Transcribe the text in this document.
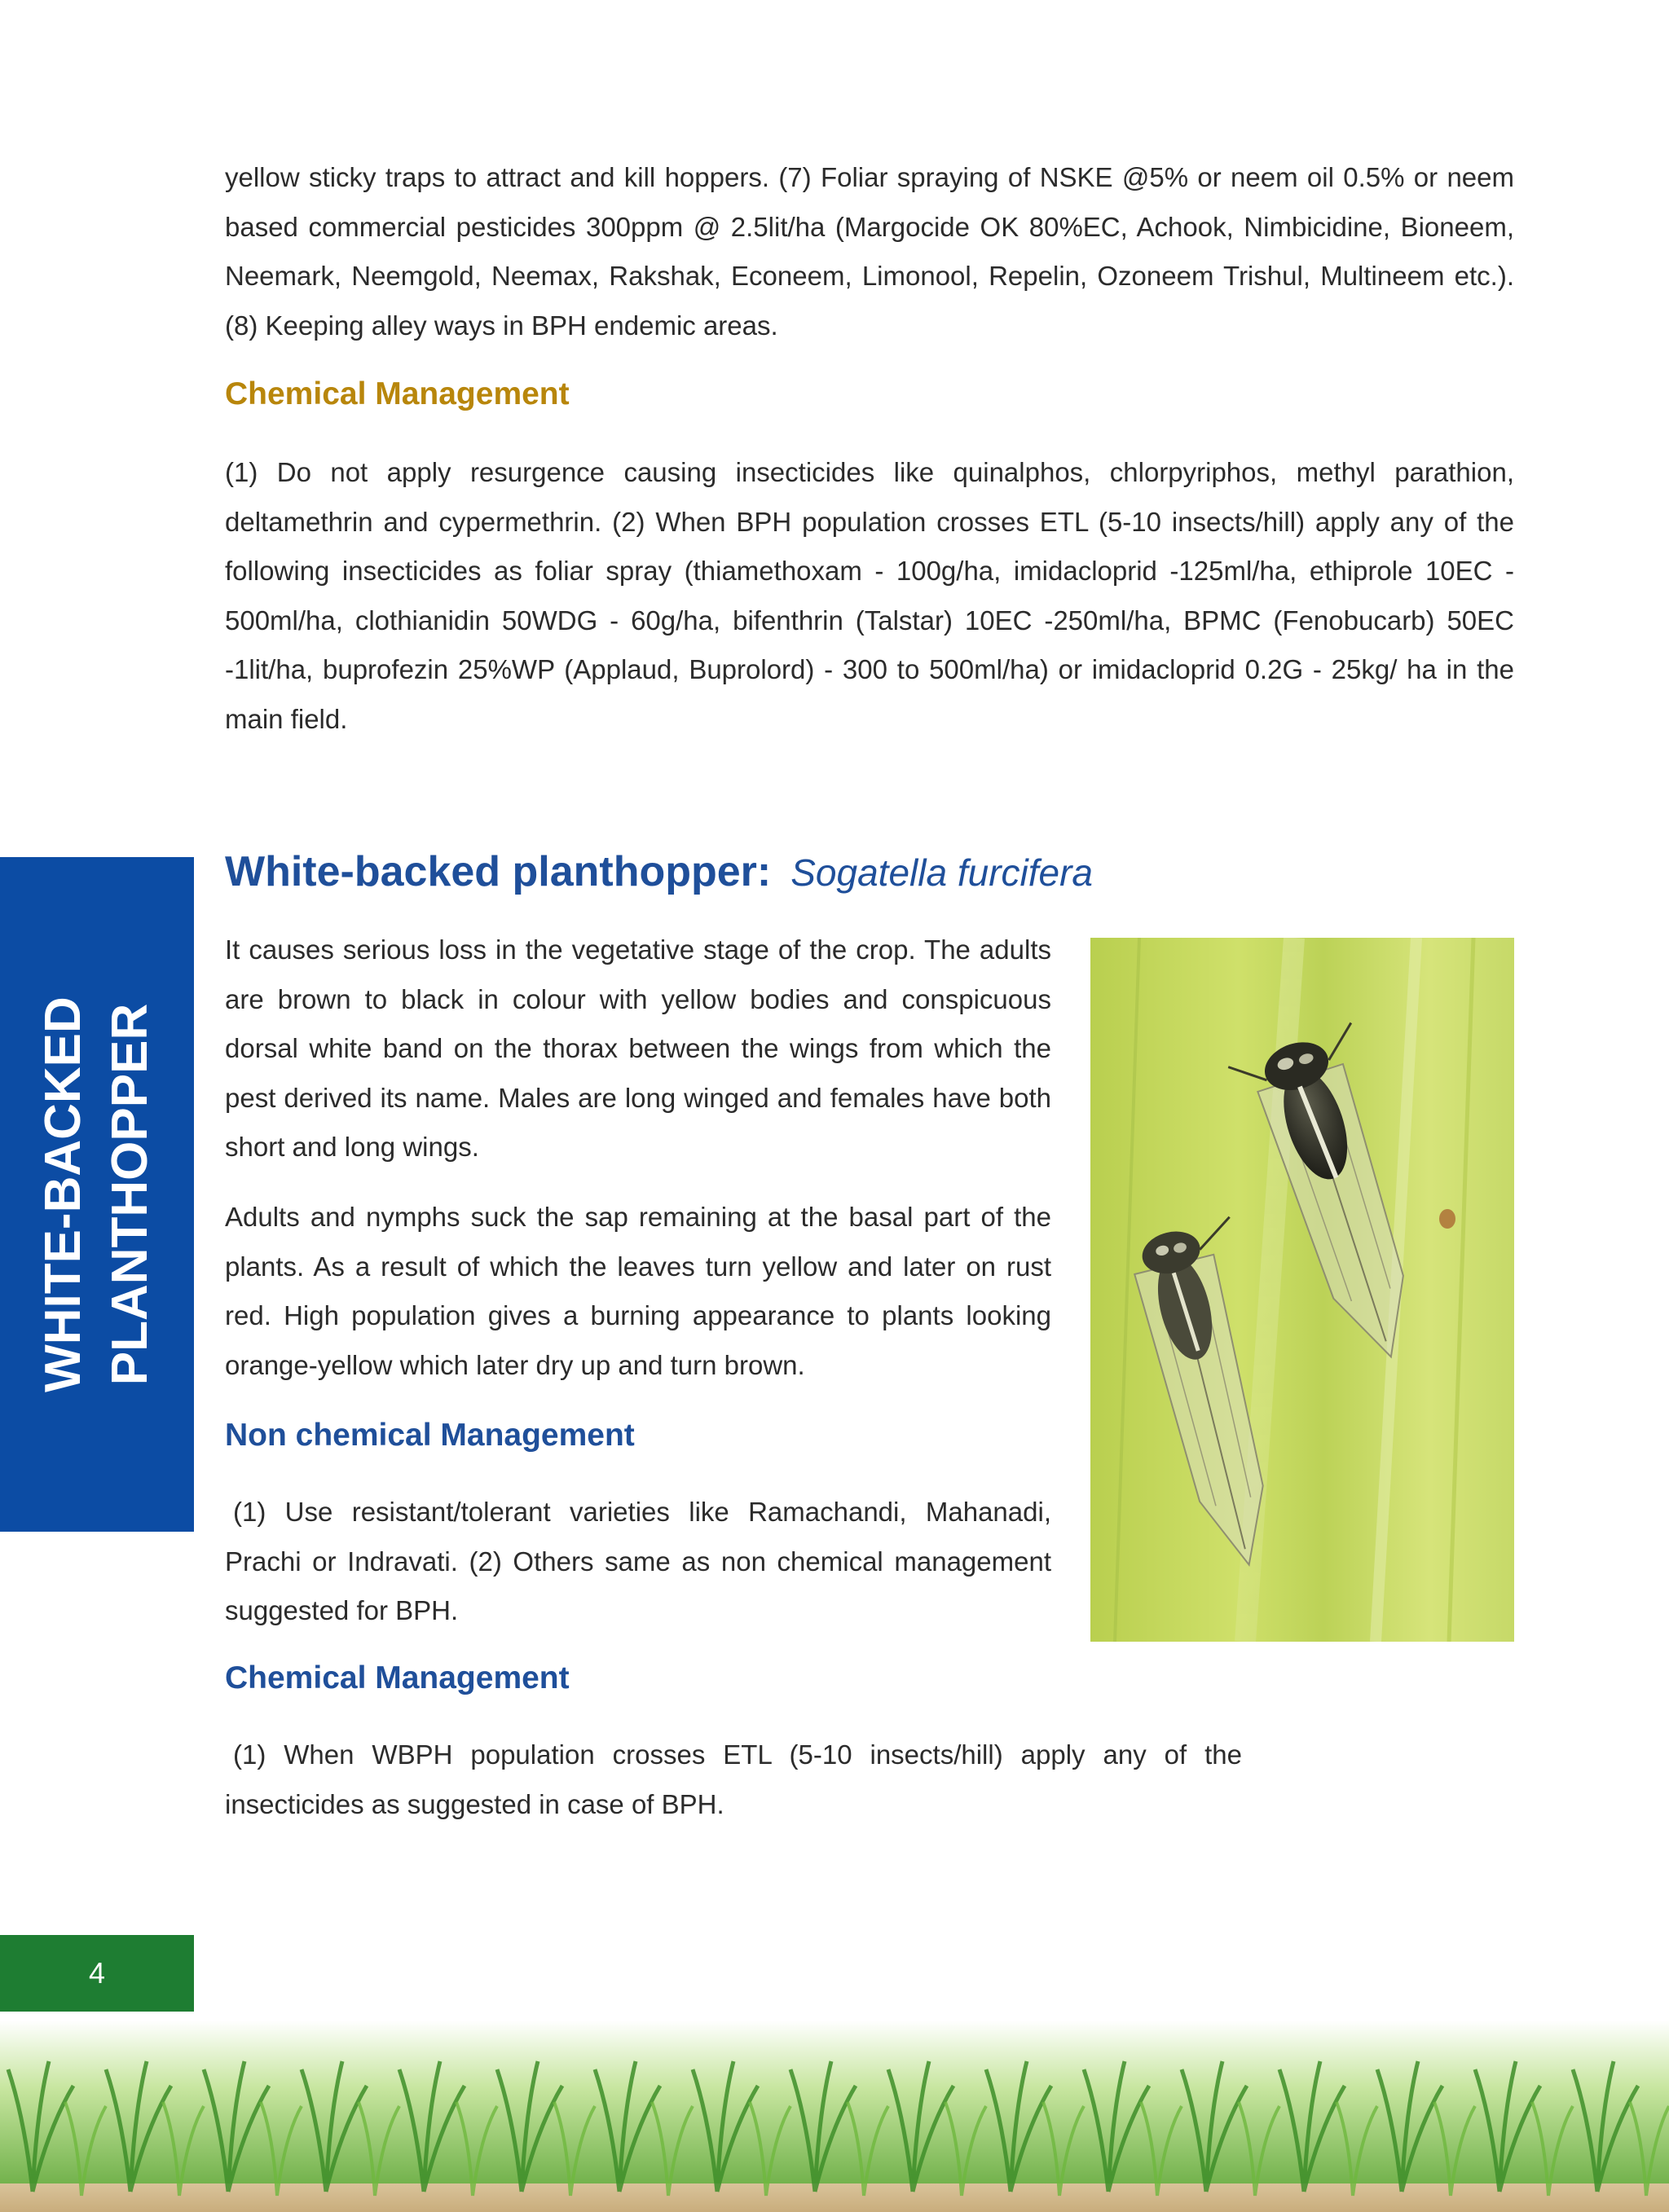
yellow sticky traps to attract and kill hoppers. (7) Foliar spraying of NSKE @5% or neem oil 0.5% or neem based commercial pesticides 300ppm @ 2.5lit/ha (Margocide OK 80%EC, Achook, Nimbicidine, Bioneem, Neemark, Neemgold, Neemax, Rakshak, Econeem, Limonool, Repelin, Ozoneem Trishul, Multineem etc.). (8) Keeping alley ways in BPH endemic areas.

Chemical Management

(1) Do not apply resurgence causing insecticides like quinalphos, chlorpyriphos, methyl parathion, deltamethrin and cypermethrin. (2) When BPH population crosses ETL (5-10 insects/hill) apply any of the following insecticides as foliar spray (thiamethoxam - 100g/ha, imidacloprid -125ml/ha, ethiprole 10EC - 500ml/ha, clothianidin 50WDG - 60g/ha, bifenthrin (Talstar) 10EC -250ml/ha, BPMC (Fenobucarb) 50EC -1lit/ha, buprofezin 25%WP (Applaud, Buprolord) - 300 to 500ml/ha) or imidacloprid 0.2G - 25kg/ ha in the main field.

WHITE-BACKED PLANTHOPPER
White-backed planthopper: Sogatella furcifera

It causes serious loss in the vegetative stage of the crop. The adults are brown to black in colour with yellow bodies and conspicuous dorsal white band on the thorax between the wings from which the pest derived its name. Males are long winged and females have both short and long wings.

Adults and nymphs suck the sap remaining at the basal part of the plants. As a result of which the leaves turn yellow and later on rust red. High population gives a burning appearance to plants looking orange-yellow which later dry up and turn brown.

Non chemical Management

(1) Use resistant/tolerant varieties like Ramachandi, Mahanadi, Prachi or Indravati. (2) Others same as non chemical management suggested for BPH.

Chemical Management

(1) When WBPH population crosses ETL (5-10 insects/hill) apply any of the insecticides as suggested in case of BPH.

4
